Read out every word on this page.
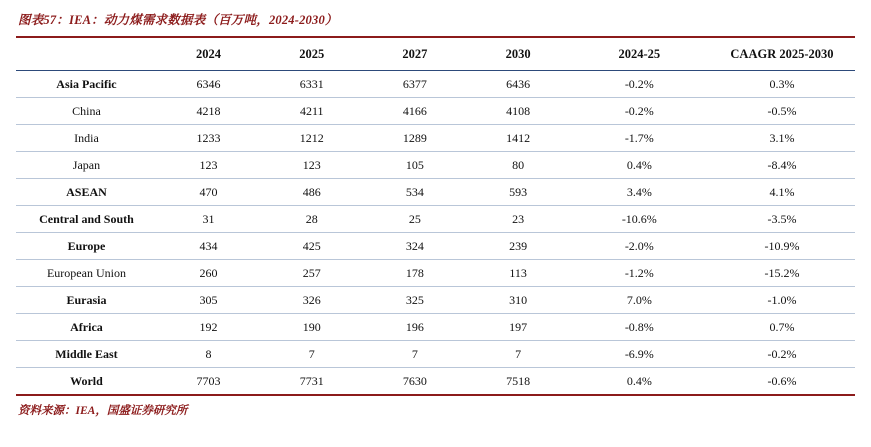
图表57：IEA：动力煤需求数据表（百万吨，2024-2030）
	2024	2025	2027	2030	2024-25	CAAGR 2025-2030
Asia Pacific	6346	6331	6377	6436	-0.2%	0.3%
China	4218	4211	4166	4108	-0.2%	-0.5%
India	1233	1212	1289	1412	-1.7%	3.1%
Japan	123	123	105	80	0.4%	-8.4%
ASEAN	470	486	534	593	3.4%	4.1%
Central and South	31	28	25	23	-10.6%	-3.5%
Europe	434	425	324	239	-2.0%	-10.9%
European Union	260	257	178	113	-1.2%	-15.2%
Eurasia	305	326	325	310	7.0%	-1.0%
Africa	192	190	196	197	-0.8%	0.7%
Middle East	8	7	7	7	-6.9%	-0.2%
World	7703	7731	7630	7518	0.4%	-0.6%
资料来源：IEA，国盛证券研究所
